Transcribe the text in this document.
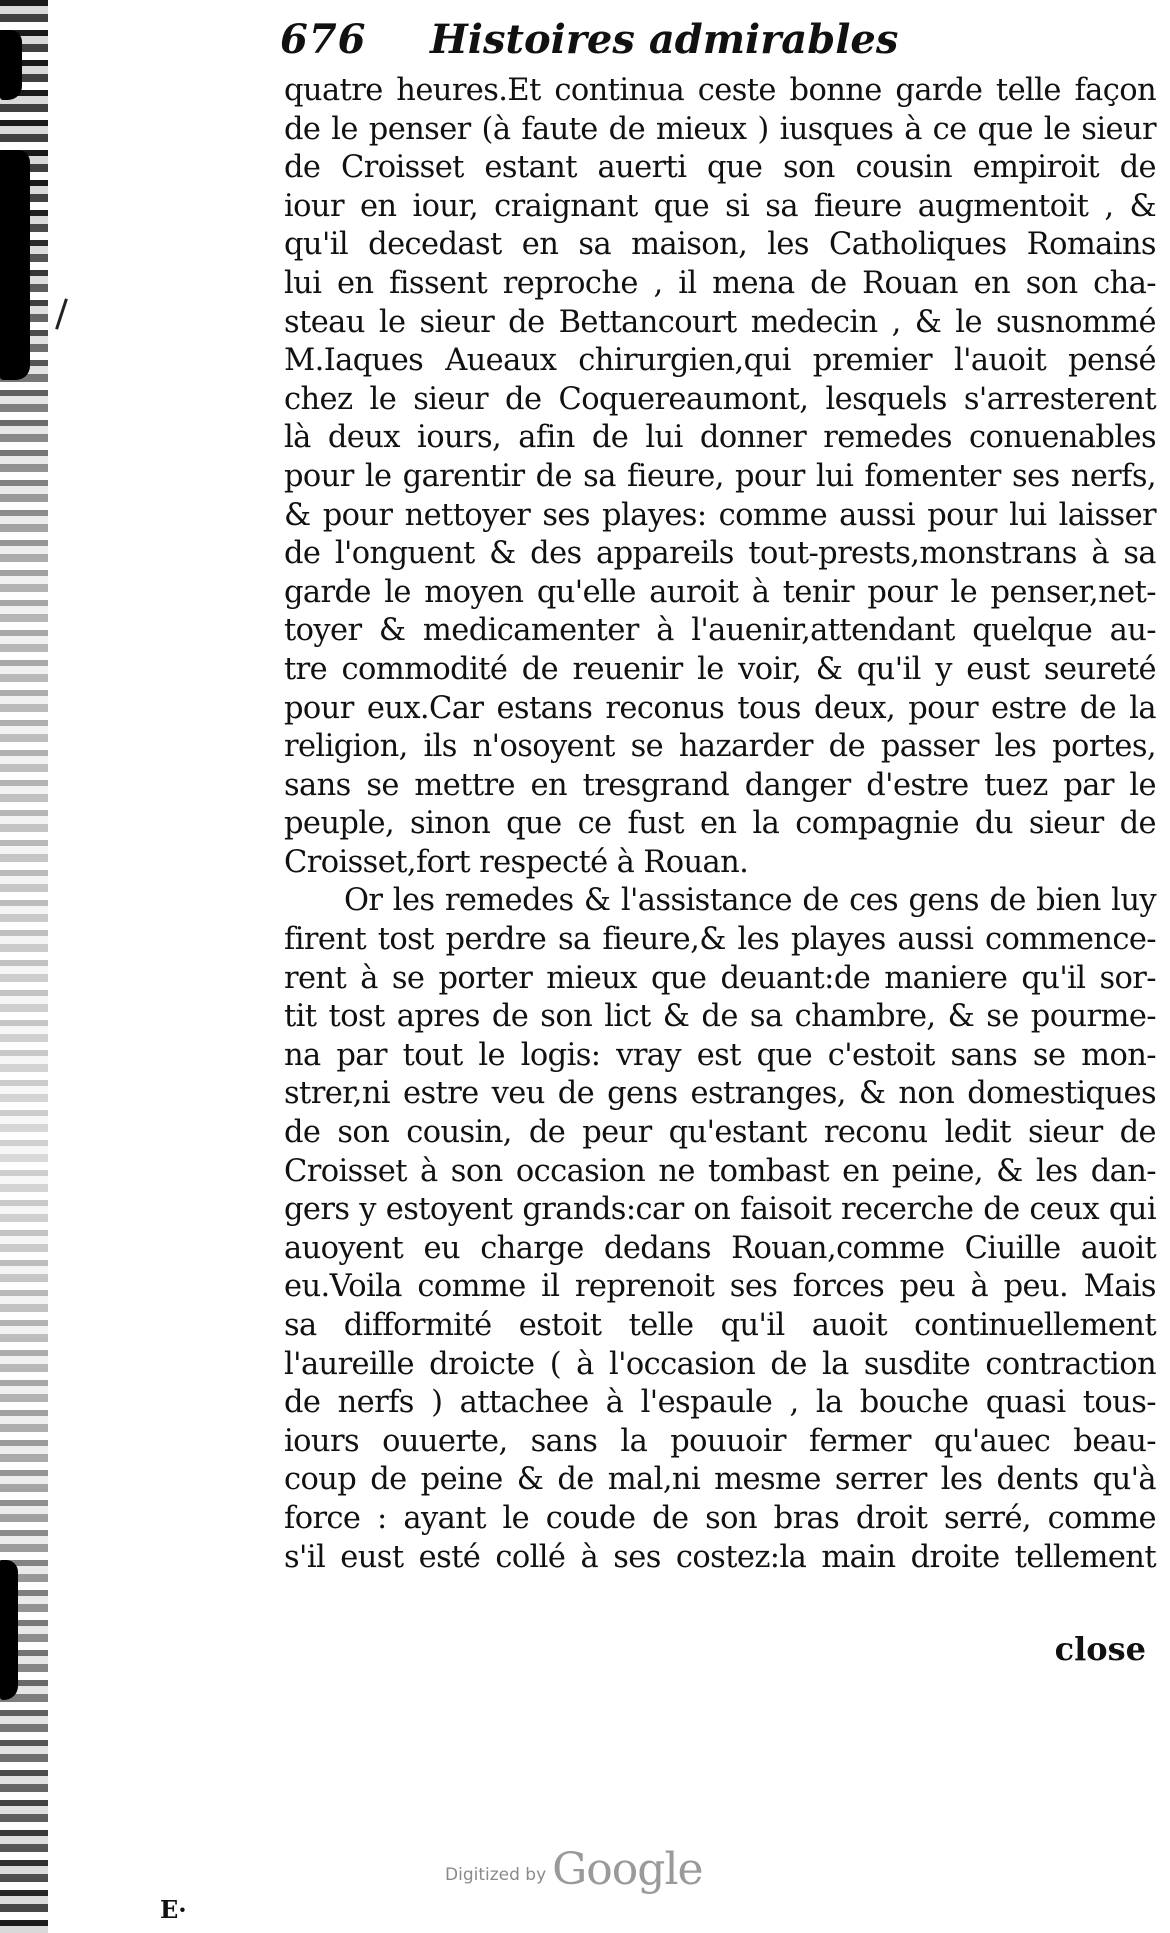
676 Histoires admirables
quatre heures.Et continua ceste bonne garde telle façon
de le penser (à faute de mieux ) iusques à ce que le sieur
de Croisset estant auerti que son cousin empiroit de
iour en iour, craignant que si sa fieure augmentoit , &
qu'il decedast en sa maison, les Catholiques Romains
lui en fissent reproche , il mena de Rouan en son cha-
steau le sieur de Bettancourt medecin , & le susnommé
M.Iaques Aueaux chirurgien,qui premier l'auoit pensé
chez le sieur de Coquereaumont, lesquels s'arresterent
là deux iours, afin de lui donner remedes conuenables
pour le garentir de sa fieure, pour lui fomenter ses nerfs,
& pour nettoyer ses playes: comme aussi pour lui laisser
de l'onguent & des appareils tout-prests,monstrans à sa
garde le moyen qu'elle auroit à tenir pour le penser,net-
toyer & medicamenter à l'auenir,attendant quelque au-
tre commodité de reuenir le voir, & qu'il y eust seureté
pour eux.Car estans reconus tous deux, pour estre de la
religion, ils n'osoyent se hazarder de passer les portes,
sans se mettre en tresgrand danger d'estre tuez par le
peuple, sinon que ce fust en la compagnie du sieur de
Croisset,fort respecté à Rouan.
Or les remedes & l'assistance de ces gens de bien luy
firent tost perdre sa fieure,& les playes aussi commence-
rent à se porter mieux que deuant:de maniere qu'il sor-
tit tost apres de son lict & de sa chambre, & se pourme-
na par tout le logis: vray est que c'estoit sans se mon-
strer,ni estre veu de gens estranges, & non domestiques
de son cousin, de peur qu'estant reconu ledit sieur de
Croisset à son occasion ne tombast en peine, & les dan-
gers y estoyent grands:car on faisoit recerche de ceux qui
auoyent eu charge dedans Rouan,comme Ciuille auoit
eu.Voila comme il reprenoit ses forces peu à peu. Mais
sa difformité estoit telle qu'il auoit continuellement
l'aureille droicte ( à l'occasion de la susdite contraction
de nerfs ) attachee à l'espaule , la bouche quasi tous-
iours ouuerte, sans la pouuoir fermer qu'auec beau-
coup de peine & de mal,ni mesme serrer les dents qu'à
force : ayant le coude de son bras droit serré, comme
s'il eust esté collé à ses costez:la main droite tellement
close
Digitized by Google
E·
